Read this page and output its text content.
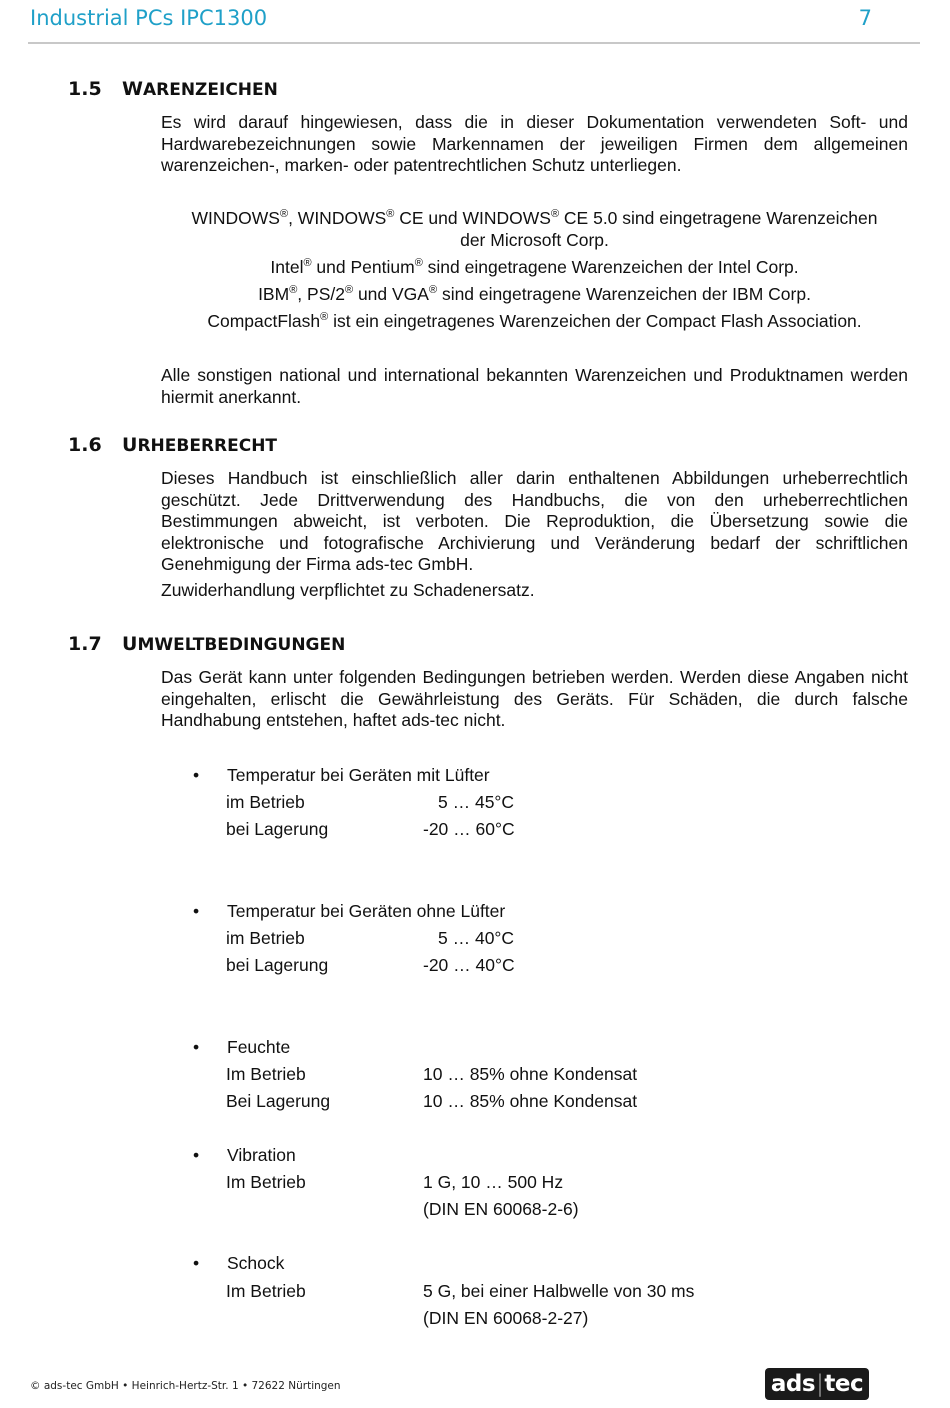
Industrial PCs IPC1300	7
1.5 WARENZEICHEN

Es wird darauf hingewiesen, dass die in dieser Dokumentation verwendeten Soft- und Hardwarebezeichnungen sowie Markennamen der jeweiligen Firmen dem allgemeinen warenzeichen-, marken- oder patentrechtlichen Schutz unterliegen.

WINDOWS®, WINDOWS® CE und WINDOWS® CE 5.0 sind eingetragene Warenzeichen
der Microsoft Corp.
Intel® und Pentium® sind eingetragene Warenzeichen der Intel Corp.
IBM®, PS/2® und VGA® sind eingetragene Warenzeichen der IBM Corp.
CompactFlash® ist ein eingetragenes Warenzeichen der Compact Flash Association.

Alle sonstigen national und international bekannten Warenzeichen und Produktnamen werden hiermit anerkannt.

1.6 URHEBERRECHT

Dieses Handbuch ist einschließlich aller darin enthaltenen Abbildungen urheberrechtlich geschützt. Jede Drittverwendung des Handbuchs, die von den urheberrechtlichen Bestimmungen abweicht, ist verboten. Die Reproduktion, die Übersetzung sowie die elektronische und fotografische Archivierung und Veränderung bedarf der schriftlichen Genehmigung der Firma ads-tec GmbH.

Zuwiderhandlung verpflichtet zu Schadenersatz.

1.7 UMWELTBEDINGUNGEN

Das Gerät kann unter folgenden Bedingungen betrieben werden. Werden diese Angaben nicht eingehalten, erlischt die Gewährleistung des Geräts. Für Schäden, die durch falsche Handhabung entstehen, haftet ads-tec nicht.

• Temperatur bei Geräten mit Lüfter
im Betrieb	5 … 45°C
bei Lagerung	-20 … 60°C
• Temperatur bei Geräten ohne Lüfter
im Betrieb	5 … 40°C
bei Lagerung	-20 … 40°C
• Feuchte
Im Betrieb	10 … 85% ohne Kondensat
Bei Lagerung	10 … 85% ohne Kondensat
• Vibration
Im Betrieb	1 G, 10 … 500 Hz
(DIN EN 60068-2-6)
• Schock
Im Betrieb	5 G, bei einer Halbwelle von 30 ms
(DIN EN 60068-2-27)
© ads-tec GmbH • Heinrich-Hertz-Str. 1 • 72622 Nürtingen	ads|tec
